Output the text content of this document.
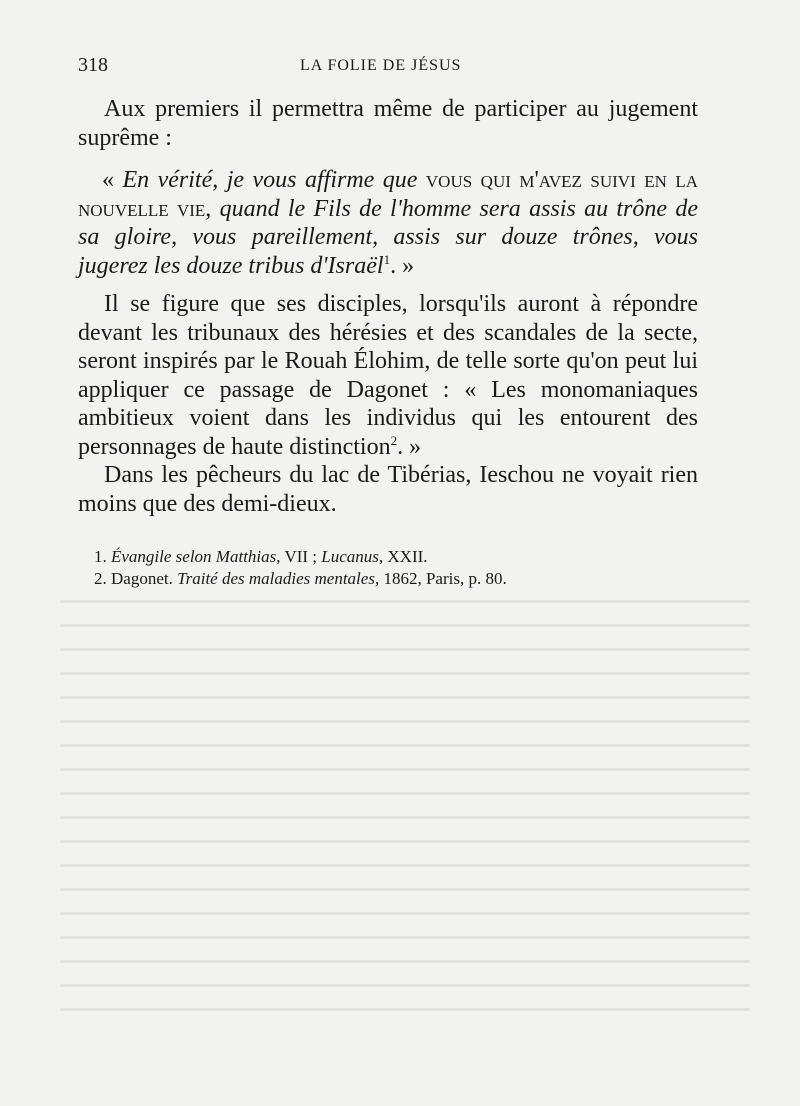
318	LA FOLIE DE JÉSUS

Aux premiers il permettra même de participer au jugement suprême :

« En vérité, je vous affirme que vous qui m'avez suivi en la nouvelle vie, quand le Fils de l'homme sera assis au trône de sa gloire, vous pareillement, assis sur douze trônes, vous jugerez les douze tribus d'Israël$^1$. »

Il se figure que ses disciples, lorsqu'ils auront à répondre devant les tribunaux des hérésies et des scandales de la secte, seront inspirés par le Rouah Élohim, de telle sorte qu'on peut lui appliquer ce passage de Dagonet : « Les monomaniaques ambitieux voient dans les individus qui les entourent des personnages de haute distinction$^2$. »

Dans les pêcheurs du lac de Tibérias, Ieschou ne voyait rien moins que des demi-dieux.

1. Évangile selon Matthias, VII ; Lucanus, XXII.

2. Dagonet. Traité des maladies mentales, 1862, Paris, p. 80.
